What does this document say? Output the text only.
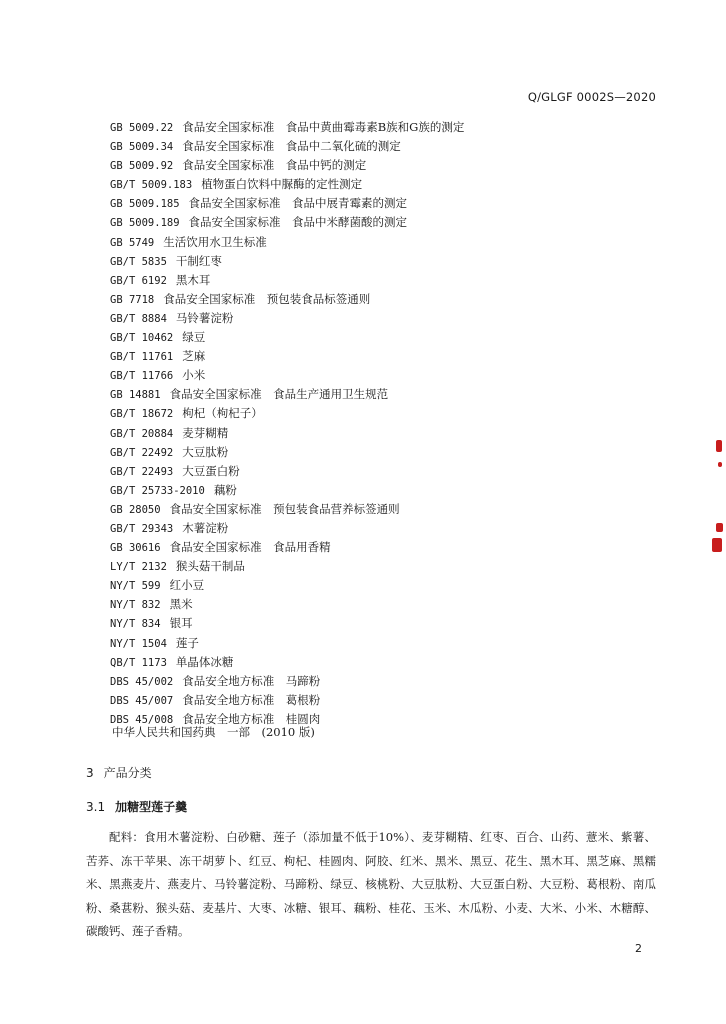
Q/GLGF 0002S—2020
GB 5009.22 食品安全国家标准　食品中黄曲霉毒素B族和G族的测定
GB 5009.34 食品安全国家标准　食品中二氧化硫的测定
GB 5009.92 食品安全国家标准　食品中钙的测定
GB/T 5009.183 植物蛋白饮料中脲酶的定性测定
GB 5009.185 食品安全国家标准　食品中展青霉素的测定
GB 5009.189 食品安全国家标准　食品中米酵菌酸的测定
GB 5749 生活饮用水卫生标准
GB/T 5835 干制红枣
GB/T 6192 黑木耳
GB 7718 食品安全国家标准　预包装食品标签通则
GB/T 8884 马铃薯淀粉
GB/T 10462 绿豆
GB/T 11761 芝麻
GB/T 11766 小米
GB 14881 食品安全国家标准　食品生产通用卫生规范
GB/T 18672 枸杞（枸杞子）
GB/T 20884 麦芽糊精
GB/T 22492 大豆肽粉
GB/T 22493 大豆蛋白粉
GB/T 25733-2010 藕粉
GB 28050 食品安全国家标准　预包装食品营养标签通则
GB/T 29343 木薯淀粉
GB 30616 食品安全国家标准　食品用香精
LY/T 2132 猴头菇干制品
NY/T 599 红小豆
NY/T 832 黑米
NY/T 834 银耳
NY/T 1504 莲子
QB/T 1173 单晶体冰糖
DBS 45/002 食品安全地方标准　马蹄粉
DBS 45/007 食品安全地方标准　葛根粉
DBS 45/008 食品安全地方标准　桂圆肉
中华人民共和国药典　一部　(2010 版)
3 产品分类
3.1 加糖型莲子羹
配料：食用木薯淀粉、白砂糖、莲子（添加量不低于10%）、麦芽糊精、红枣、百合、山药、薏米、紫薯、苦荞、冻干苹果、冻干胡萝卜、红豆、枸杞、桂圆肉、阿胶、红米、黑米、黑豆、花生、黑木耳、黑芝麻、黑糯米、黑燕麦片、燕麦片、马铃薯淀粉、马蹄粉、绿豆、核桃粉、大豆肽粉、大豆蛋白粉、大豆粉、葛根粉、南瓜粉、桑葚粉、猴头菇、麦基片、大枣、冰糖、银耳、藕粉、桂花、玉米、木瓜粉、小麦、大米、小米、木糖醇、碳酸钙、莲子香精。
2
